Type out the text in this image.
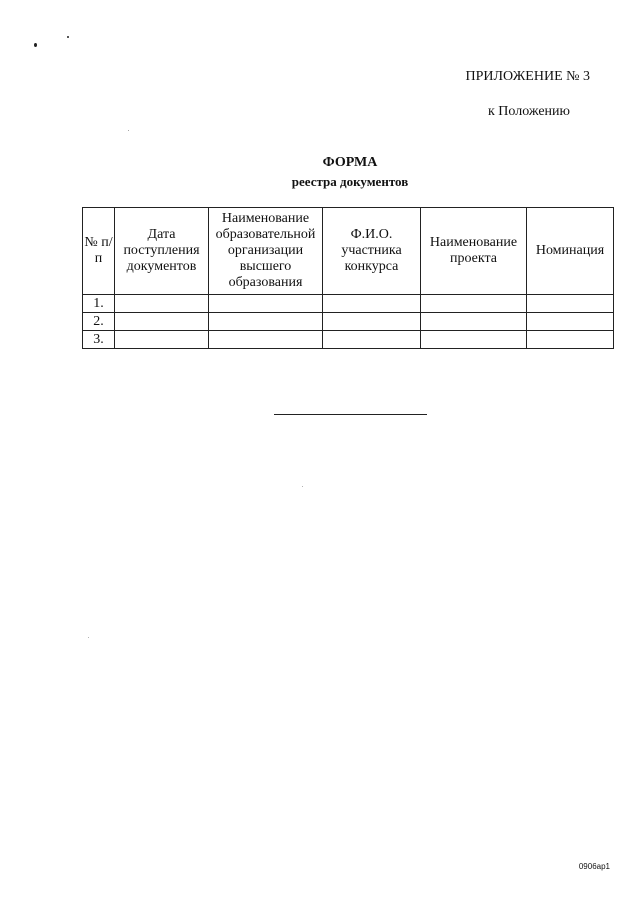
ПРИЛОЖЕНИЕ № 3
к Положению
ФОРМА
реестра документов
№ п/п	Дата поступления документов	Наименование образовательной организации высшего образования	Ф.И.О. участника конкурса	Наименование проекта	Номинация
1.					
2.					
3.					
0906ap1
